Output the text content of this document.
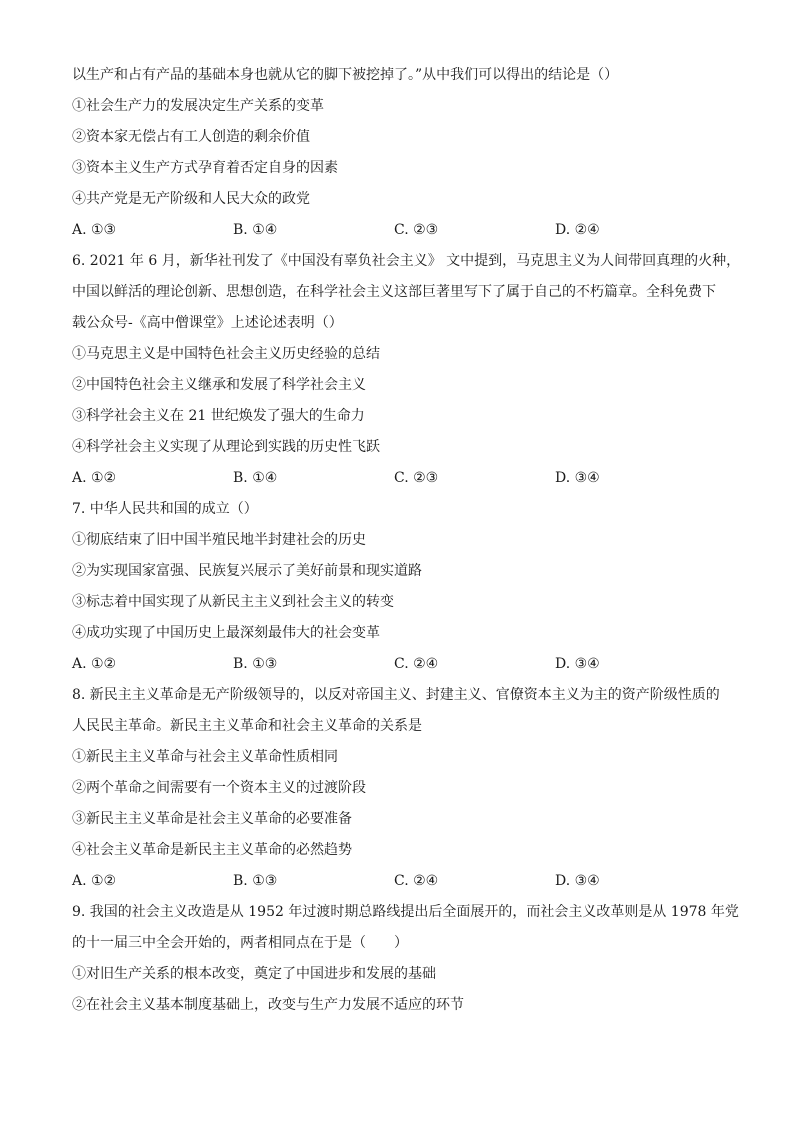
以生产和占有产品的基础本身也就从它的脚下被挖掉了。”从中我们可以得出的结论是（）
①社会生产力的发展决定生产关系的变革
②资本家无偿占有工人创造的剩余价值
③资本主义生产方式孕育着否定自身的因素
④共产党是无产阶级和人民大众的政党
A. ①③	B. ①④	C. ②③	D. ②④
6. 2021 年 6 月，新华社刊发了《中国没有辜负社会主义》 文中提到，马克思主义为人间带回真理的火种，
中国以鲜活的理论创新、思想创造，在科学社会主义这部巨著里写下了属于自己的不朽篇章。全科免费下
载公众号-《高中僧课堂》上述论述表明（）
①马克思主义是中国特色社会主义历史经验的总结
②中国特色社会主义继承和发展了科学社会主义
③科学社会主义在 21 世纪焕发了强大的生命力
④科学社会主义实现了从理论到实践的历史性飞跃
A. ①②	B. ①④	C. ②③	D. ③④
7. 中华人民共和国的成立（）
①彻底结束了旧中国半殖民地半封建社会的历史
②为实现国家富强、民族复兴展示了美好前景和现实道路
③标志着中国实现了从新民主主义到社会主义的转变
④成功实现了中国历史上最深刻最伟大的社会变革
A. ①②	B. ①③	C. ②④	D. ③④
8. 新民主主义革命是无产阶级领导的，以反对帝国主义、封建主义、官僚资本主义为主的资产阶级性质的
人民民主革命。新民主主义革命和社会主义革命的关系是
①新民主主义革命与社会主义革命性质相同
②两个革命之间需要有一个资本主义的过渡阶段
③新民主主义革命是社会主义革命的必要准备
④社会主义革命是新民主主义革命的必然趋势
A. ①②	B. ①③	C. ②④	D. ③④
9. 我国的社会主义改造是从 1952 年过渡时期总路线提出后全面展开的，而社会主义改革则是从 1978 年党
的十一届三中全会开始的，两者相同点在于是（　　）
①对旧生产关系的根本改变，奠定了中国进步和发展的基础
②在社会主义基本制度基础上，改变与生产力发展不适应的环节
